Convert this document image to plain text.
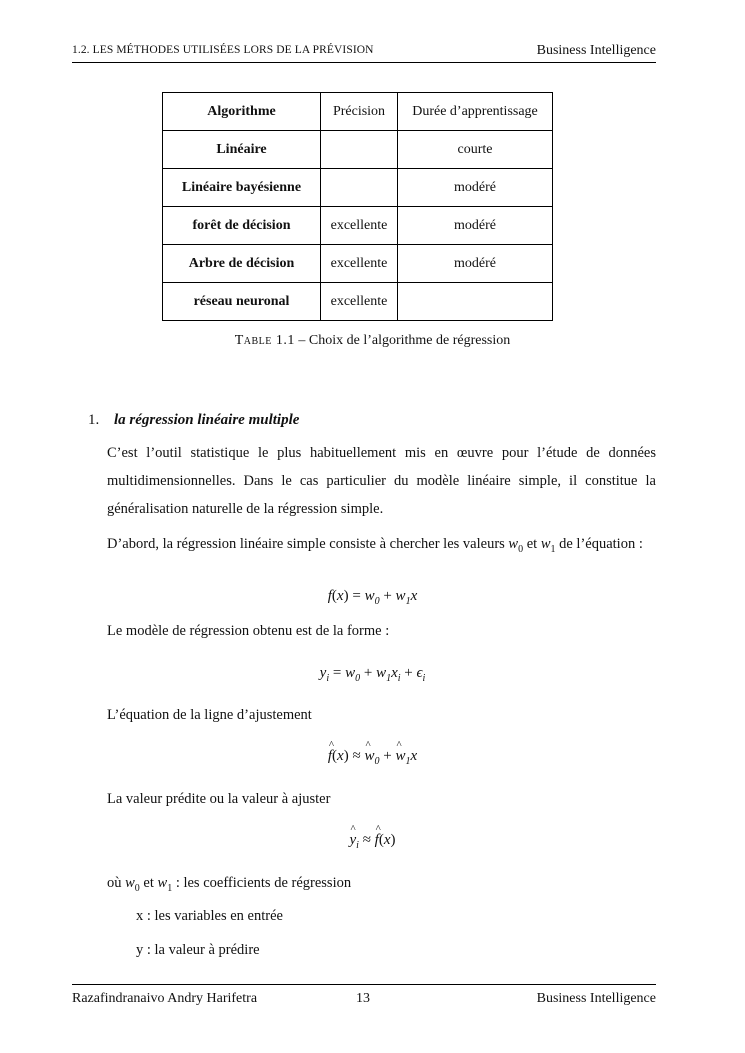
1.2. LES MÉTHODES UTILISÉES LORS DE LA PRÉVISION	Business Intelligence
Algorithme	Précision	Durée d’apprentissage
Linéaire		courte
Linéaire bayésienne		modéré
forêt de décision	excellente	modéré
Arbre de décision	excellente	modéré
réseau neuronal	excellente	
Table 1.1 – Choix de l’algorithme de régression
1. la régression linéaire multiple
C’est l’outil statistique le plus habituellement mis en œuvre pour l’étude de données multidimensionnelles. Dans le cas particulier du modèle linéaire simple, il constitue la généralisation naturelle de la régression simple.
D’abord, la régression linéaire simple consiste à chercher les valeurs $w_0$ et $w_1$ de l’équation :
$f(x) = w_0 + w_1x$
Le modèle de régression obtenu est de la forme :
$y_i = w_0 + w_1x_i + \epsilon_i$
L’équation de la ligne d’ajustement
^ f(x) ≈ ^ $w_0$ + ^ $w_1x$
La valeur prédite ou la valeur à ajuster
^ $y_i$ ≈ ^ f(x)
où $w_0$ et $w_1$ : les coefficients de régression
x : les variables en entrée
y : la valeur à prédire
Razafindranaivo Andry Harifetra	13	Business Intelligence
